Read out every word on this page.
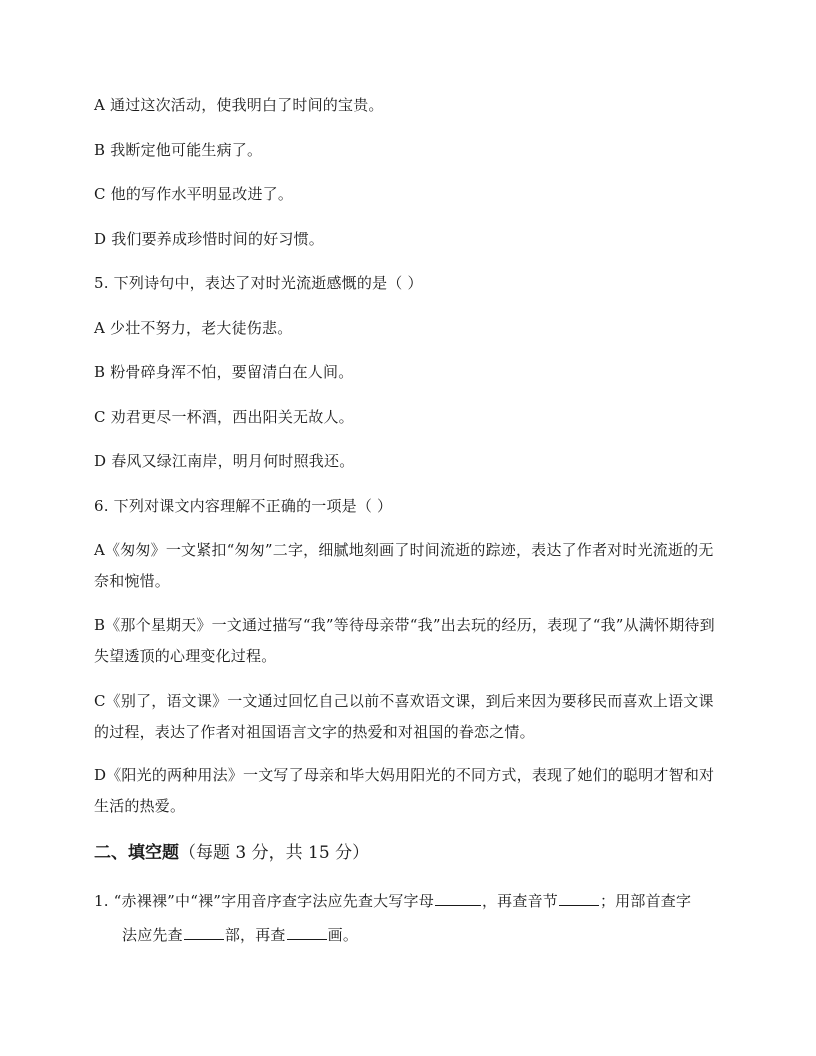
A 通过这次活动，使我明白了时间的宝贵。
B 我断定他可能生病了。
C 他的写作水平明显改进了。
D 我们要养成珍惜时间的好习惯。
5. 下列诗句中，表达了对时光流逝感慨的是（ ）
A 少壮不努力，老大徒伤悲。
B 粉骨碎身浑不怕，要留清白在人间。
C 劝君更尽一杯酒，西出阳关无故人。
D 春风又绿江南岸，明月何时照我还。
6. 下列对课文内容理解不正确的一项是（ ）
A《匆匆》一文紧扣“匆匆”二字，细腻地刻画了时间流逝的踪迹，表达了作者对时光流逝的无奈和惋惜。
B《那个星期天》一文通过描写“我”等待母亲带“我”出去玩的经历，表现了“我”从满怀期待到失望透顶的心理变化过程。
C《别了，语文课》一文通过回忆自己以前不喜欢语文课，到后来因为要移民而喜欢上语文课的过程，表达了作者对祖国语言文字的热爱和对祖国的眷恋之情。
D《阳光的两种用法》一文写了母亲和毕大妈用阳光的不同方式，表现了她们的聪明才智和对生活的热爱。
二、填空题（每题 3 分，共 15 分）
1. “赤裸裸”中“裸”字用音序查字法应先查大写字母	，再查音节	；用部首查字
法应先查	部，再查	画。
